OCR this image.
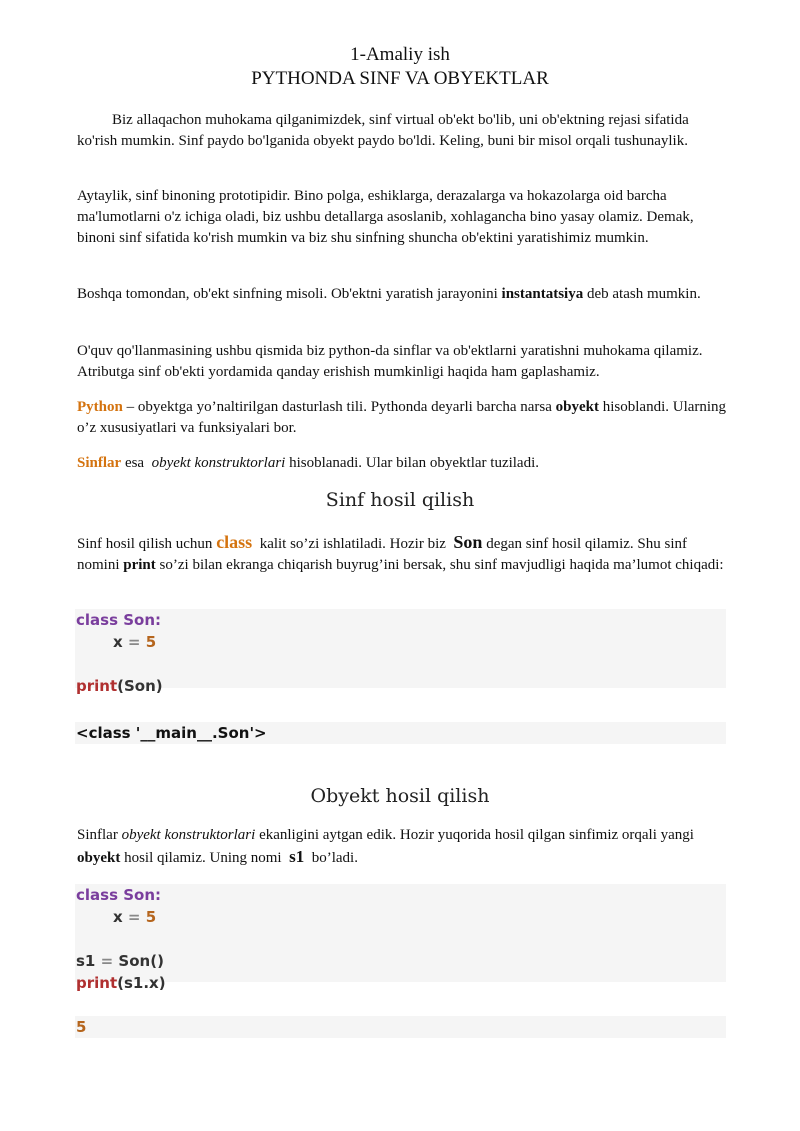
1-Amaliy ish
PYTHONDA SINF VA OBYEKTLAR

Biz allaqachon muhokama qilganimizdek, sinf virtual ob'ekt bo'lib, uni ob'ektning rejasi sifatida ko'rish mumkin. Sinf paydo bo'lganida obyekt paydo bo'ldi. Keling, buni bir misol orqali tushunaylik.

Aytaylik, sinf binoning prototipidir. Bino polga, eshiklarga, derazalarga va hokazolarga oid barcha ma'lumotlarni o'z ichiga oladi, biz ushbu detallarga asoslanib, xohlagancha bino yasay olamiz. Demak, binoni sinf sifatida ko'rish mumkin va biz shu sinfning shuncha ob'ektini yaratishimiz mumkin.

Boshqa tomondan, ob'ekt sinfning misoli. Ob'ektni yaratish jarayonini instantatsiya deb atash mumkin.

O'quv qo'llanmasining ushbu qismida biz python-da sinflar va ob'ektlarni yaratishni muhokama qilamiz. Atributga sinf ob'ekti yordamida qanday erishish mumkinligi haqida ham gaplashamiz.

Python – obyektga yo’naltirilgan dasturlash tili. Pythonda deyarli barcha narsa obyekt hisoblandi. Ularning o’z xususiyatlari va funksiyalari bor.

Sinflar esa  obyekt konstruktorlari hisoblanadi. Ular bilan obyektlar tuziladi.

Sinf hosil qilish

Sinf hosil qilish uchun class  kalit so’zi ishlatiladi. Hozir biz  Son degan sinf hosil qilamiz. Shu sinf nomini print so’zi bilan ekranga chiqarish buyrug’ini bersak, shu sinf mavjudligi haqida ma’lumot chiqadi:

class Son:
x = 5
print(Son)
<class '__main__.Son'>
Obyekt hosil qilish

Sinflar obyekt konstruktorlari ekanligini aytgan edik. Hozir yuqorida hosil qilgan sinfimiz orqali yangi obyekt hosil qilamiz. Uning nomi  s1  bo’ladi.

class Son:
x = 5
s1 = Son()
print(s1.x)
5
